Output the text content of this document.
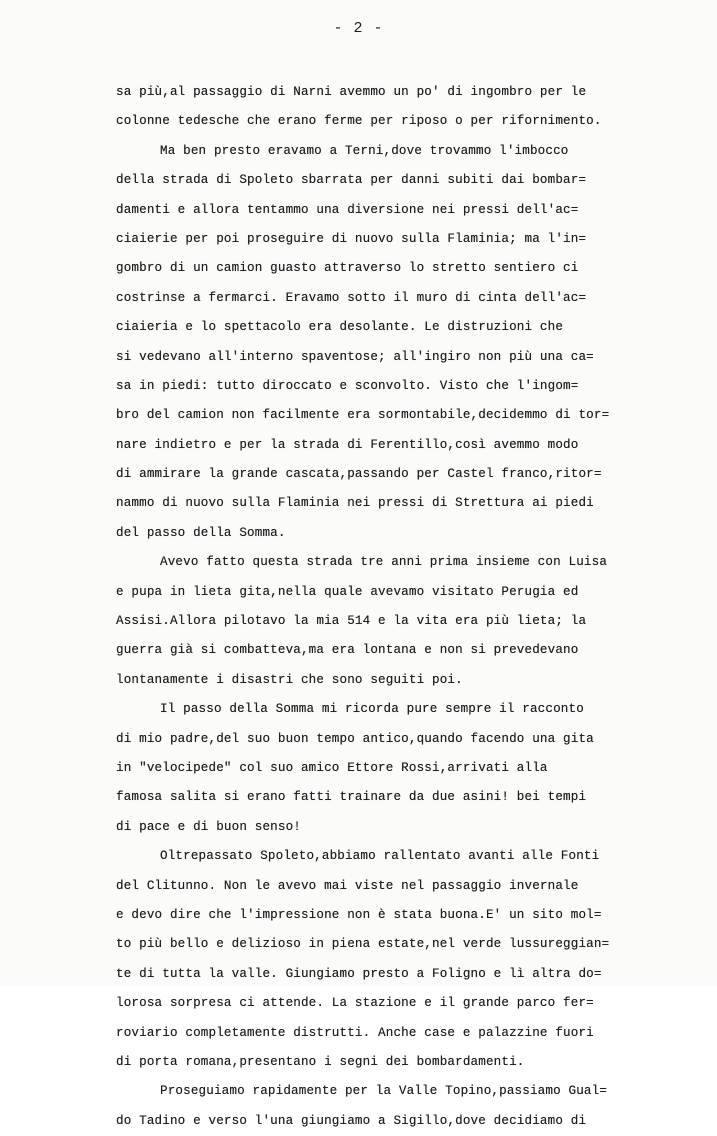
- 2 -
sa più,al passaggio di Narni avemmo un po' di ingombro per le
colonne tedesche che erano ferme per riposo o per rifornimento.
Ma ben presto eravamo a Terni,dove trovammo l'imbocco
della strada di Spoleto sbarrata per danni subiti dai bombar=
damenti e allora tentammo una diversione nei pressi dell'ac=
ciaierie per poi proseguire di nuovo sulla Flaminia; ma l'in=
gombro di un camion guasto attraverso lo stretto sentiero ci
costrinse a fermarci. Eravamo sotto il muro di cinta dell'ac=
ciaieria e lo spettacolo era desolante. Le distruzioni che
si vedevano all'interno spaventose; all'ingiro non più una ca=
sa in piedi: tutto diroccato e sconvolto. Visto che l'ingom=
bro del camion non facilmente era sormontabile,decidemmo di tor=
nare indietro e per la strada di Ferentillo,così avemmo modo
di ammirare la grande cascata,passando per Castel franco,ritor=
nammo di nuovo sulla Flaminia nei pressi di Strettura ai piedi
del passo della Somma.
Avevo fatto questa strada tre anni prima insieme con Luisa
e pupa in lieta gita,nella quale avevamo visitato Perugia ed
Assisi.Allora pilotavo la mia 514 e la vita era più lieta; la
guerra già si combatteva,ma era lontana e non si prevedevano
lontanamente i disastri che sono seguiti poi.
Il passo della Somma mi ricorda pure sempre il racconto
di mio padre,del suo buon tempo antico,quando facendo una gita
in "velocipede" col suo amico Ettore Rossi,arrivati alla
famosa salita si erano fatti trainare da due asini! bei tempi
di pace e di buon senso!
Oltrepassato Spoleto,abbiamo rallentato avanti alle Fonti
del Clitunno. Non le avevo mai viste nel passaggio invernale
e devo dire che l'impressione non è stata buona.E' un sito mol=
to più bello e delizioso in piena estate,nel verde lussureggian=
te di tutta la valle. Giungiamo presto a Foligno e lì altra do=
lorosa sorpresa ci attende. La stazione e il grande parco fer=
roviario completamente distrutti. Anche case e palazzine fuori
di porta romana,presentano i segni dei bombardamenti.
Proseguiamo rapidamente per la Valle Topino,passiamo Gual=
do Tadino e verso l'una giungiamo a Sigillo,dove decidiamo di
